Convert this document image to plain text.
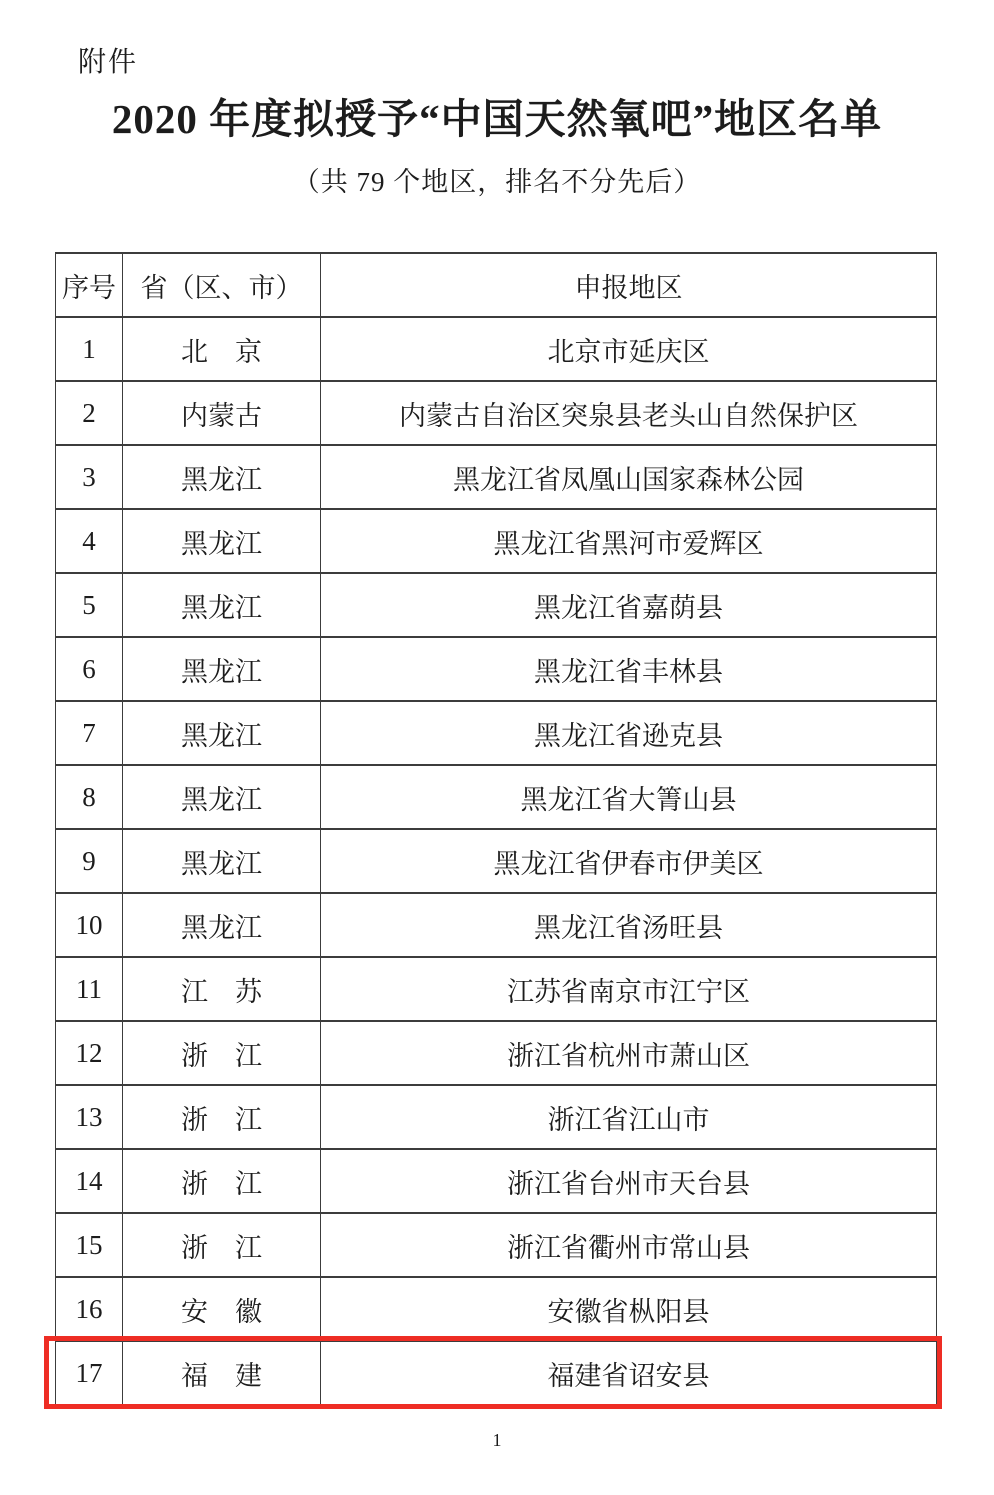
附件
2020 年度拟授予“中国天然氧吧”地区名单
（共 79 个地区，排名不分先后）
序号	省（区、市）	申报地区
1	北　京	北京市延庆区
2	内蒙古	内蒙古自治区突泉县老头山自然保护区
3	黑龙江	黑龙江省凤凰山国家森林公园
4	黑龙江	黑龙江省黑河市爱辉区
5	黑龙江	黑龙江省嘉荫县
6	黑龙江	黑龙江省丰林县
7	黑龙江	黑龙江省逊克县
8	黑龙江	黑龙江省大箐山县
9	黑龙江	黑龙江省伊春市伊美区
10	黑龙江	黑龙江省汤旺县
11	江　苏	江苏省南京市江宁区
12	浙　江	浙江省杭州市萧山区
13	浙　江	浙江省江山市
14	浙　江	浙江省台州市天台县
15	浙　江	浙江省衢州市常山县
16	安　徽	安徽省枞阳县
17	福　建	福建省诏安县
1
